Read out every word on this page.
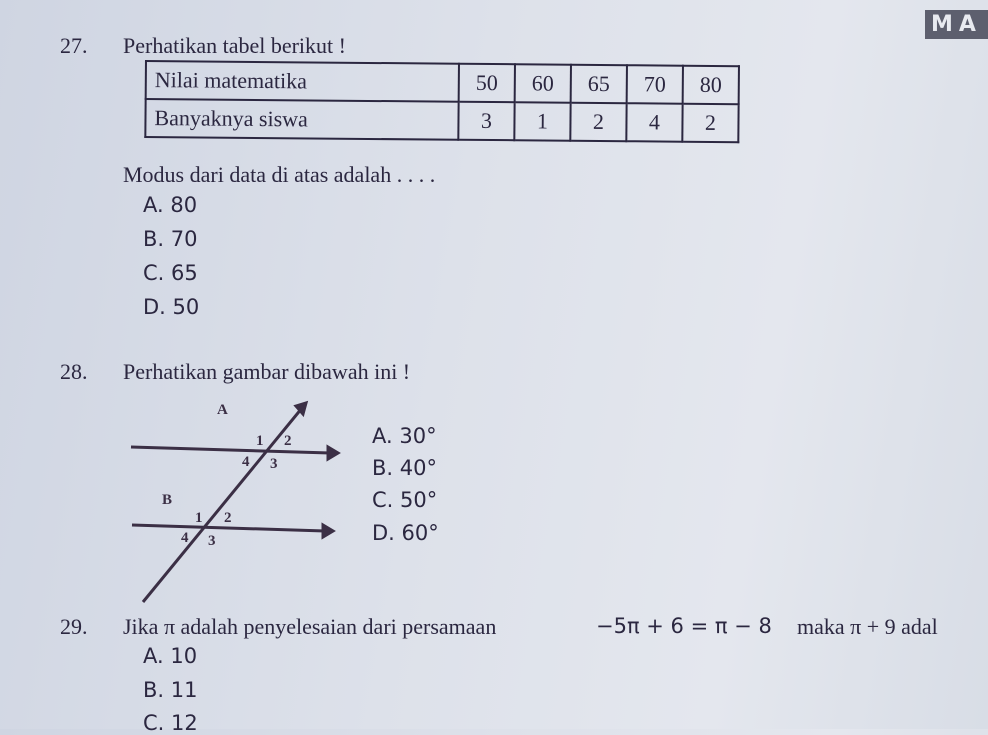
MA
27. Perhatikan tabel berikut !
Nilai matematika	50	60	65	70	80
Banyaknya siswa	3	1	2	4	2
Modus dari data di atas adalah . . . .
A. 80
B. 70
C. 65
D. 50
28. Perhatikan gambar dibawah ini !
A
B
1 2
3
4
1 2
3
4
A. 30°
B. 40°
C. 50°
D. 60°
29. Jika π adalah penyelesaian dari persamaan	−5π + 6 = π − 8 maka π + 9 adal
A. 10
B. 11
C. 12
